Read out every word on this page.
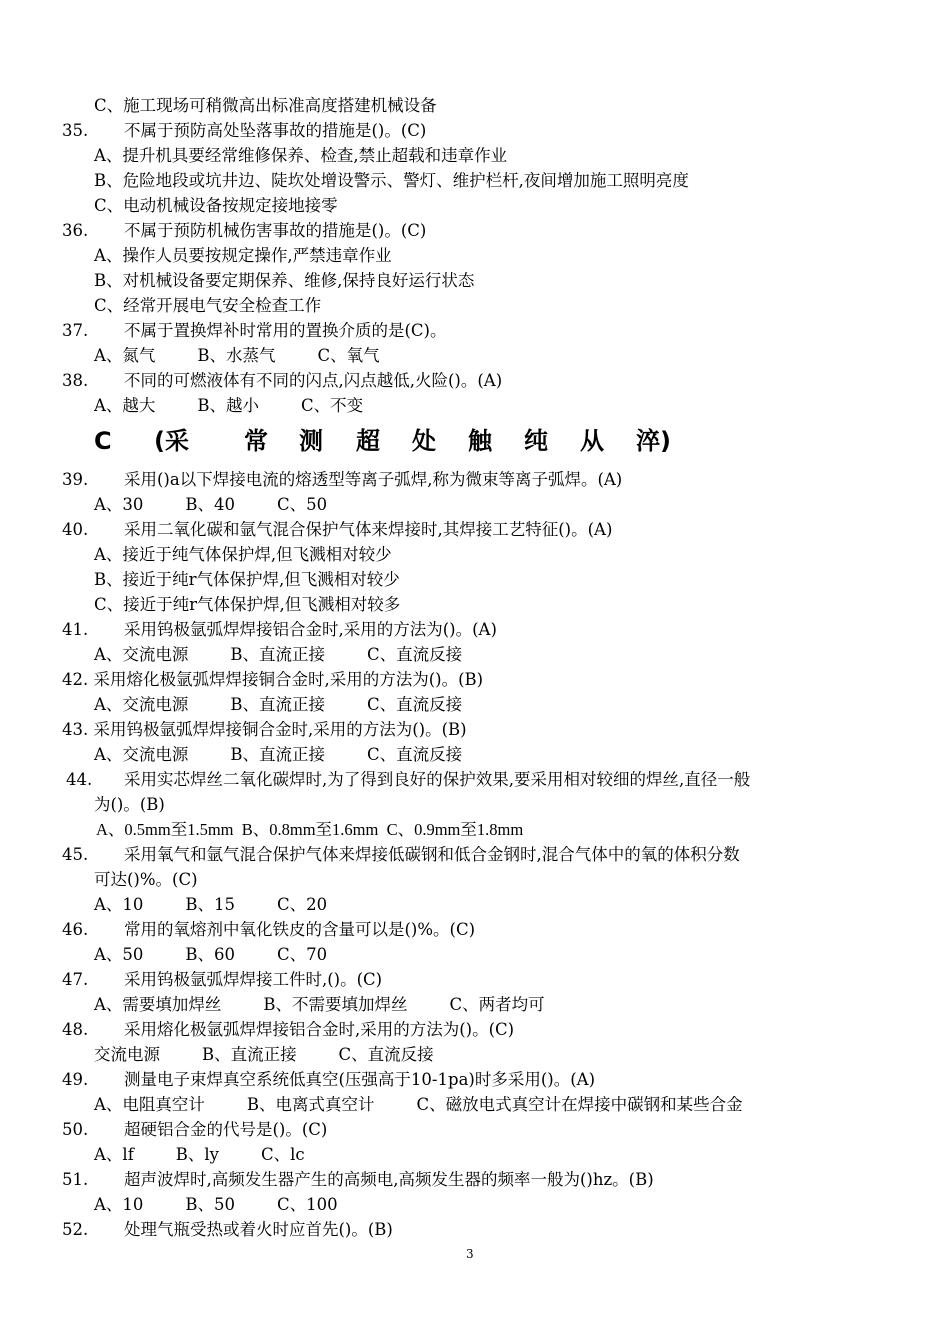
C、施工现场可稍微高出标准高度搭建机械设备
35. 不属于预防高处坠落事故的措施是()。(C)
A、提升机具要经常维修保养、检查,禁止超载和违章作业
B、危险地段或坑井边、陡坎处增设警示、警灯、维护栏杆,夜间增加施工照明亮度
C、电动机械设备按规定接地接零
36. 不属于预防机械伤害事故的措施是()。(C)
A、操作人员要按规定操作,严禁违章作业
B、对机械设备要定期保养、维修,保持良好运行状态
C、经常开展电气安全检查工作
37. 不属于置换焊补时常用的置换介质的是(C)。
A、氮气        B、水蒸气        C、氧气
38. 不同的可燃液体有不同的闪点,闪点越低,火险()。(A)
A、越大        B、越小        C、不变
C (采 常 测 超 处 触 纯 从 淬)
39. 采用()a以下焊接电流的熔透型等离子弧焊,称为微束等离子弧焊。(A)
A、30        B、40        C、50
40. 采用二氧化碳和氩气混合保护气体来焊接时,其焊接工艺特征()。(A)
A、接近于纯气体保护焊,但飞溅相对较少
B、接近于纯r气体保护焊,但飞溅相对较少
C、接近于纯r气体保护焊,但飞溅相对较多
41. 采用钨极氩弧焊焊接铝合金时,采用的方法为()。(A)
A、交流电源        B、直流正接        C、直流反接
42. 采用熔化极氩弧焊焊接铜合金时,采用的方法为()。(B)
A、交流电源        B、直流正接        C、直流反接
43. 采用钨极氩弧焊焊接铜合金时,采用的方法为()。(B)
A、交流电源        B、直流正接        C、直流反接
44. 采用实芯焊丝二氧化碳焊时,为了得到良好的保护效果,要采用相对较细的焊丝,直径一般
为()。(B)
A、0.5mm至1.5mm  B、0.8mm至1.6mm  C、0.9mm至1.8mm
45. 采用氧气和氩气混合保护气体来焊接低碳钢和低合金钢时,混合气体中的氧的体积分数
可达()%。(C)
A、10        B、15        C、20
46. 常用的氧熔剂中氧化铁皮的含量可以是()%。(C)
A、50        B、60        C、70
47. 采用钨极氩弧焊焊接工件时,()。(C)
A、需要填加焊丝        B、不需要填加焊丝        C、两者均可
48. 采用熔化极氩弧焊焊接铝合金时,采用的方法为()。(C)
交流电源        B、直流正接        C、直流反接
49. 测量电子束焊真空系统低真空(压强高于10-1pa)时多采用()。(A)
A、电阻真空计        B、电离式真空计        C、磁放电式真空计在焊接中碳钢和某些合金
50. 超硬铝合金的代号是()。(C)
A、lf        B、ly        C、lc
51. 超声波焊时,高频发生器产生的高频电,高频发生器的频率一般为()hz。(B)
A、10        B、50        C、100
52. 处理气瓶受热或着火时应首先()。(B)
3
